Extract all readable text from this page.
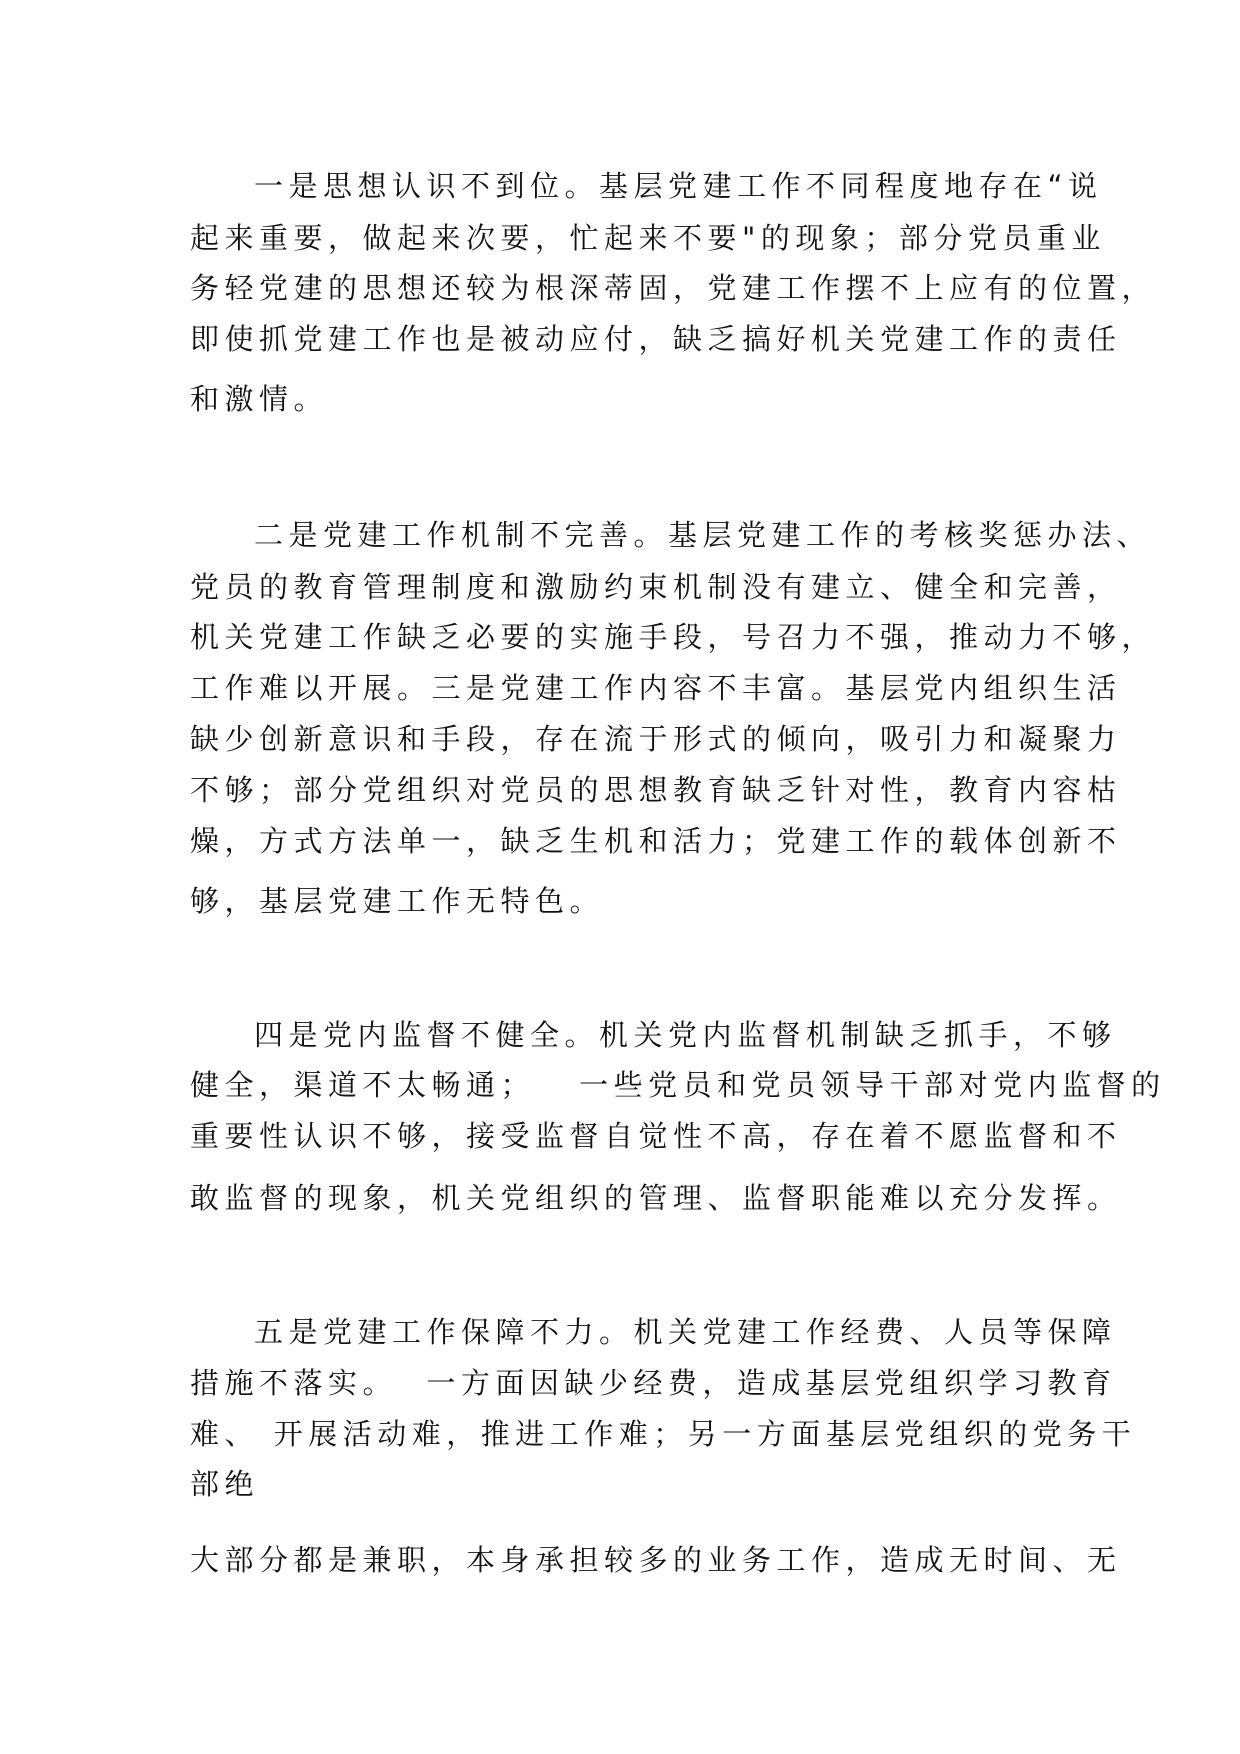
一是思想认识不到位。基层党建工作不同程度地存在“说

起来重要，做起来次要，忙起来不要"的现象；部分党员重业

务轻党建的思想还较为根深蒂固，党建工作摆不上应有的位置，

即使抓党建工作也是被动应付，缺乏搞好机关党建工作的责任

和激情。

二是党建工作机制不完善。基层党建工作的考核奖惩办法、

党员的教育管理制度和激励约束机制没有建立、健全和完善，

机关党建工作缺乏必要的实施手段，号召力不强，推动力不够，

工作难以开展。三是党建工作内容不丰富。基层党内组织生活

缺少创新意识和手段，存在流于形式的倾向，吸引力和凝聚力

不够；部分党组织对党员的思想教育缺乏针对性，教育内容枯

燥，方式方法单一，缺乏生机和活力；党建工作的载体创新不

够，基层党建工作无特色。

四是党内监督不健全。机关党内监督机制缺乏抓手，不够

健全，渠道不太畅通；   一些党员和党员领导干部对党内监督的

重要性认识不够，接受监督自觉性不高，存在着不愿监督和不

敢监督的现象，机关党组织的管理、监督职能难以充分发挥。

五是党建工作保障不力。机关党建工作经费、人员等保障

措施不落实。  一方面因缺少经费，造成基层党组织学习教育

难、 开展活动难，推进工作难；另一方面基层党组织的党务干

部绝

大部分都是兼职，本身承担较多的业务工作，造成无时间、无
